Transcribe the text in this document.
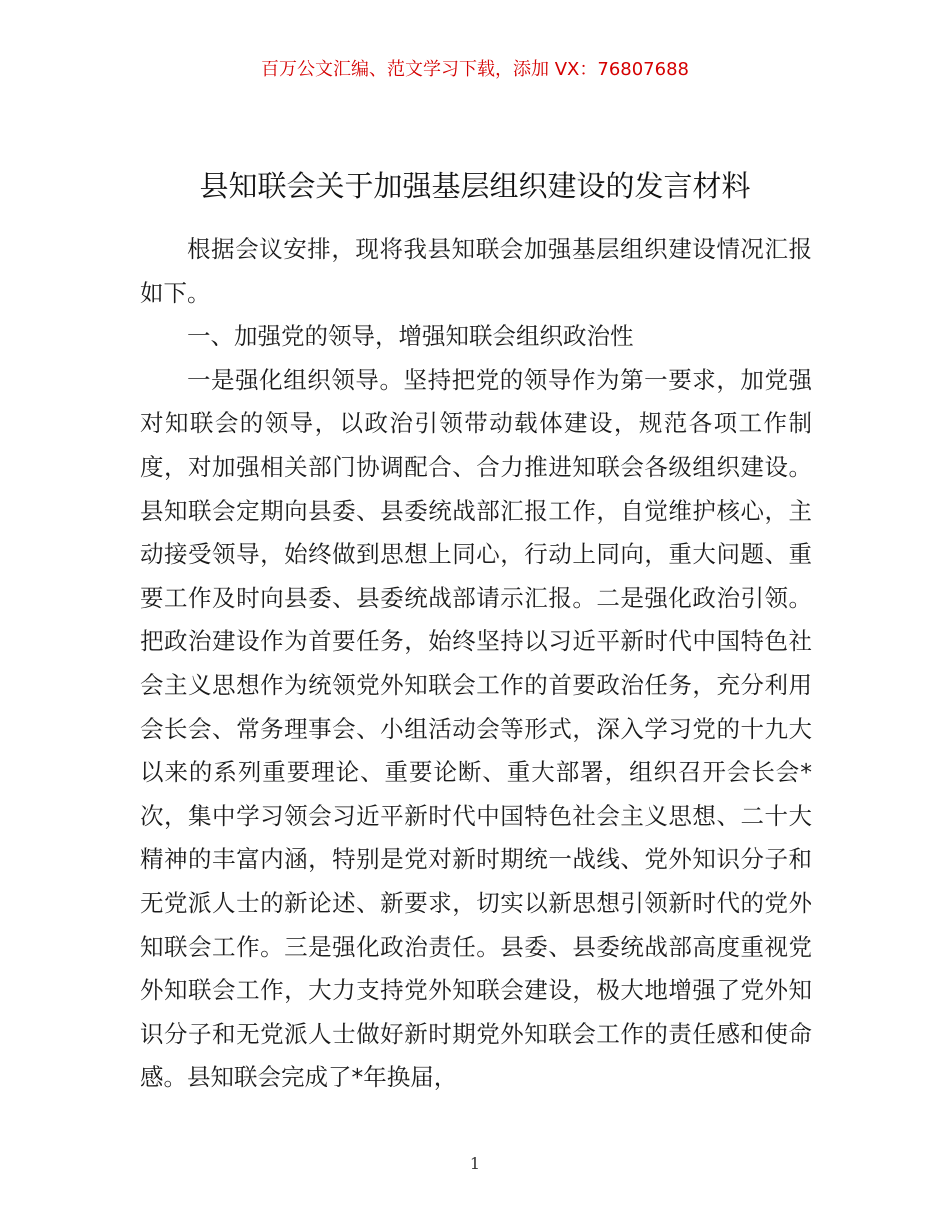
百万公文汇编、范文学习下载，添加 VX：76807688
县知联会关于加强基层组织建设的发言材料

根据会议安排，现将我县知联会加强基层组织建设情况汇报如下。

一、加强党的领导，增强知联会组织政治性

一是强化组织领导。坚持把党的领导作为第一要求，加党强对知联会的领导，以政治引领带动载体建设，规范各项工作制度，对加强相关部门协调配合、合力推进知联会各级组织建设。县知联会定期向县委、县委统战部汇报工作，自觉维护核心，主动接受领导，始终做到思想上同心，行动上同向，重大问题、重要工作及时向县委、县委统战部请示汇报。二是强化政治引领。把政治建设作为首要任务，始终坚持以习近平新时代中国特色社会主义思想作为统领党外知联会工作的首要政治任务，充分利用会长会、常务理事会、小组活动会等形式，深入学习党的十九大以来的系列重要理论、重要论断、重大部署，组织召开会长会*次，集中学习领会习近平新时代中国特色社会主义思想、二十大精神的丰富内涵，特别是党对新时期统一战线、党外知识分子和无党派人士的新论述、新要求，切实以新思想引领新时代的党外知联会工作。三是强化政治责任。县委、县委统战部高度重视党外知联会工作，大力支持党外知联会建设，极大地增强了党外知识分子和无党派人士做好新时期党外知联会工作的责任感和使命感。县知联会完成了*年换届，

1
